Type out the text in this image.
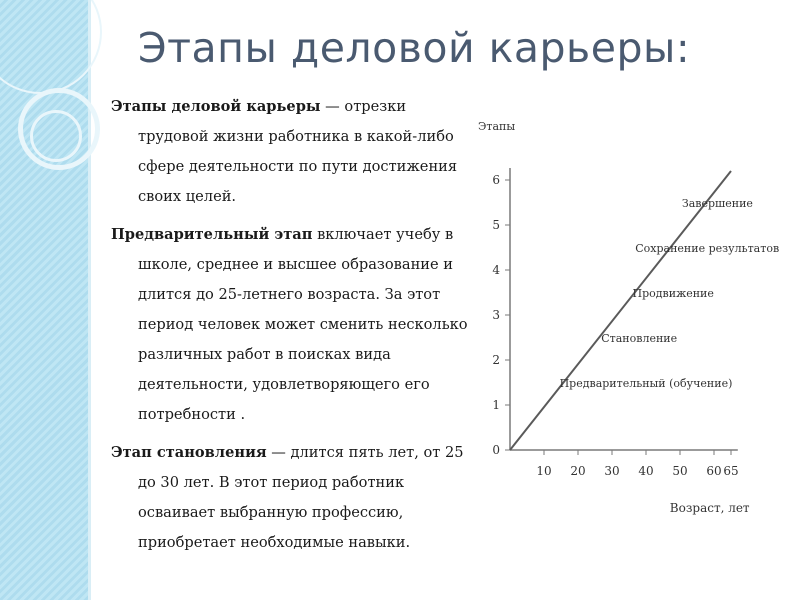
Этапы деловой карьеры:

Этапы деловой карьеры — отрезки трудовой жизни работника в какой-либо сфере деятельности по пути достижения своих целей.

Предварительный этап включает учебу в школе, среднее и высшее образование и длится до 25-летнего возраста. За этот период человек может сменить несколько различных работ в поисках вида деятельности, удовлетворяющего его потребности .

Этап становления — длится пять лет, от 25 до 30 лет. В этот период работник осваивает выбранную профессию, приобретает необходимые навыки.

Этапы
Возраст, лет
0
1
2
3
4
5
6
10 20 30 40 50 60 65
Предварительный (обучение)
Становление
Продвижение
Сохранение результатов
Завершение
